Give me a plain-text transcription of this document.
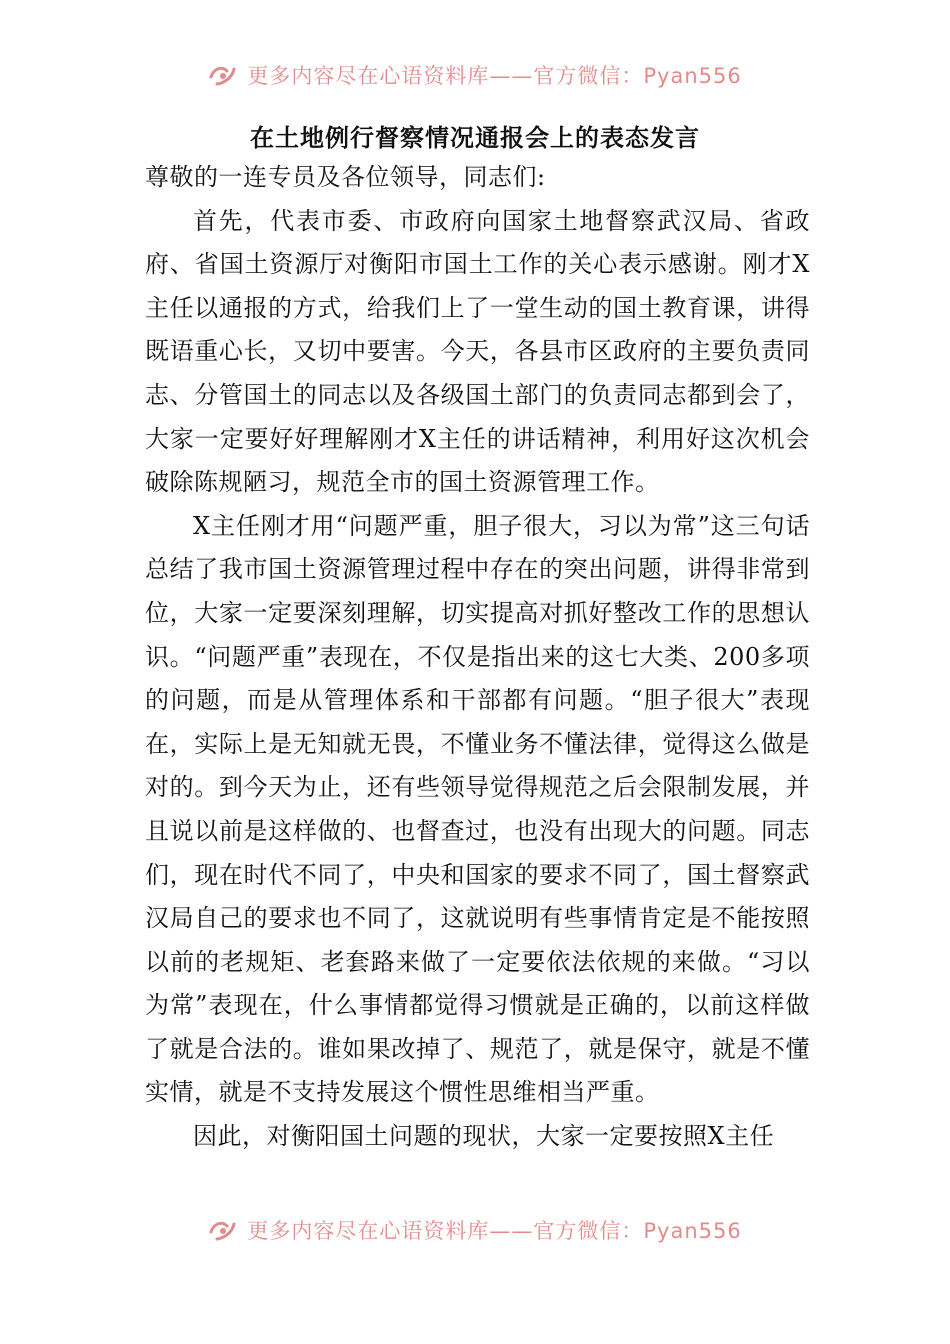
更多内容尽在心语资料库——官方微信：Pyan556
在土地例行督察情况通报会上的表态发言

尊敬的一连专员及各位领导，同志们:

首先，代表市委、市政府向国家土地督察武汉局、省政府、省国土资源厅对衡阳市国土工作的关心表示感谢。刚才X主任以通报的方式，给我们上了一堂生动的国土教育课，讲得既语重心长，又切中要害。今天，各县市区政府的主要负责同志、分管国土的同志以及各级国土部门的负责同志都到会了，大家一定要好好理解刚才X主任的讲话精神，利用好这次机会破除陈规陋习，规范全市的国土资源管理工作。

X主任刚才用“问题严重，胆子很大，习以为常”这三句话总结了我市国土资源管理过程中存在的突出问题，讲得非常到位，大家一定要深刻理解，切实提高对抓好整改工作的思想认识。“问题严重”表现在，不仅是指出来的这七大类、200多项的问题，而是从管理体系和干部都有问题。“胆子很大”表现在，实际上是无知就无畏，不懂业务不懂法律，觉得这么做是对的。到今天为止，还有些领导觉得规范之后会限制发展，并且说以前是这样做的、也督查过，也没有出现大的问题。同志们，现在时代不同了，中央和国家的要求不同了，国土督察武汉局自己的要求也不同了，这就说明有些事情肯定是不能按照以前的老规矩、老套路来做了一定要依法依规的来做。“习以为常”表现在，什么事情都觉得习惯就是正确的，以前这样做了就是合法的。谁如果改掉了、规范了，就是保守，就是不懂实情，就是不支持发展这个惯性思维相当严重。

因此，对衡阳国土问题的现状，大家一定要按照X主任

更多内容尽在心语资料库——官方微信：Pyan556
